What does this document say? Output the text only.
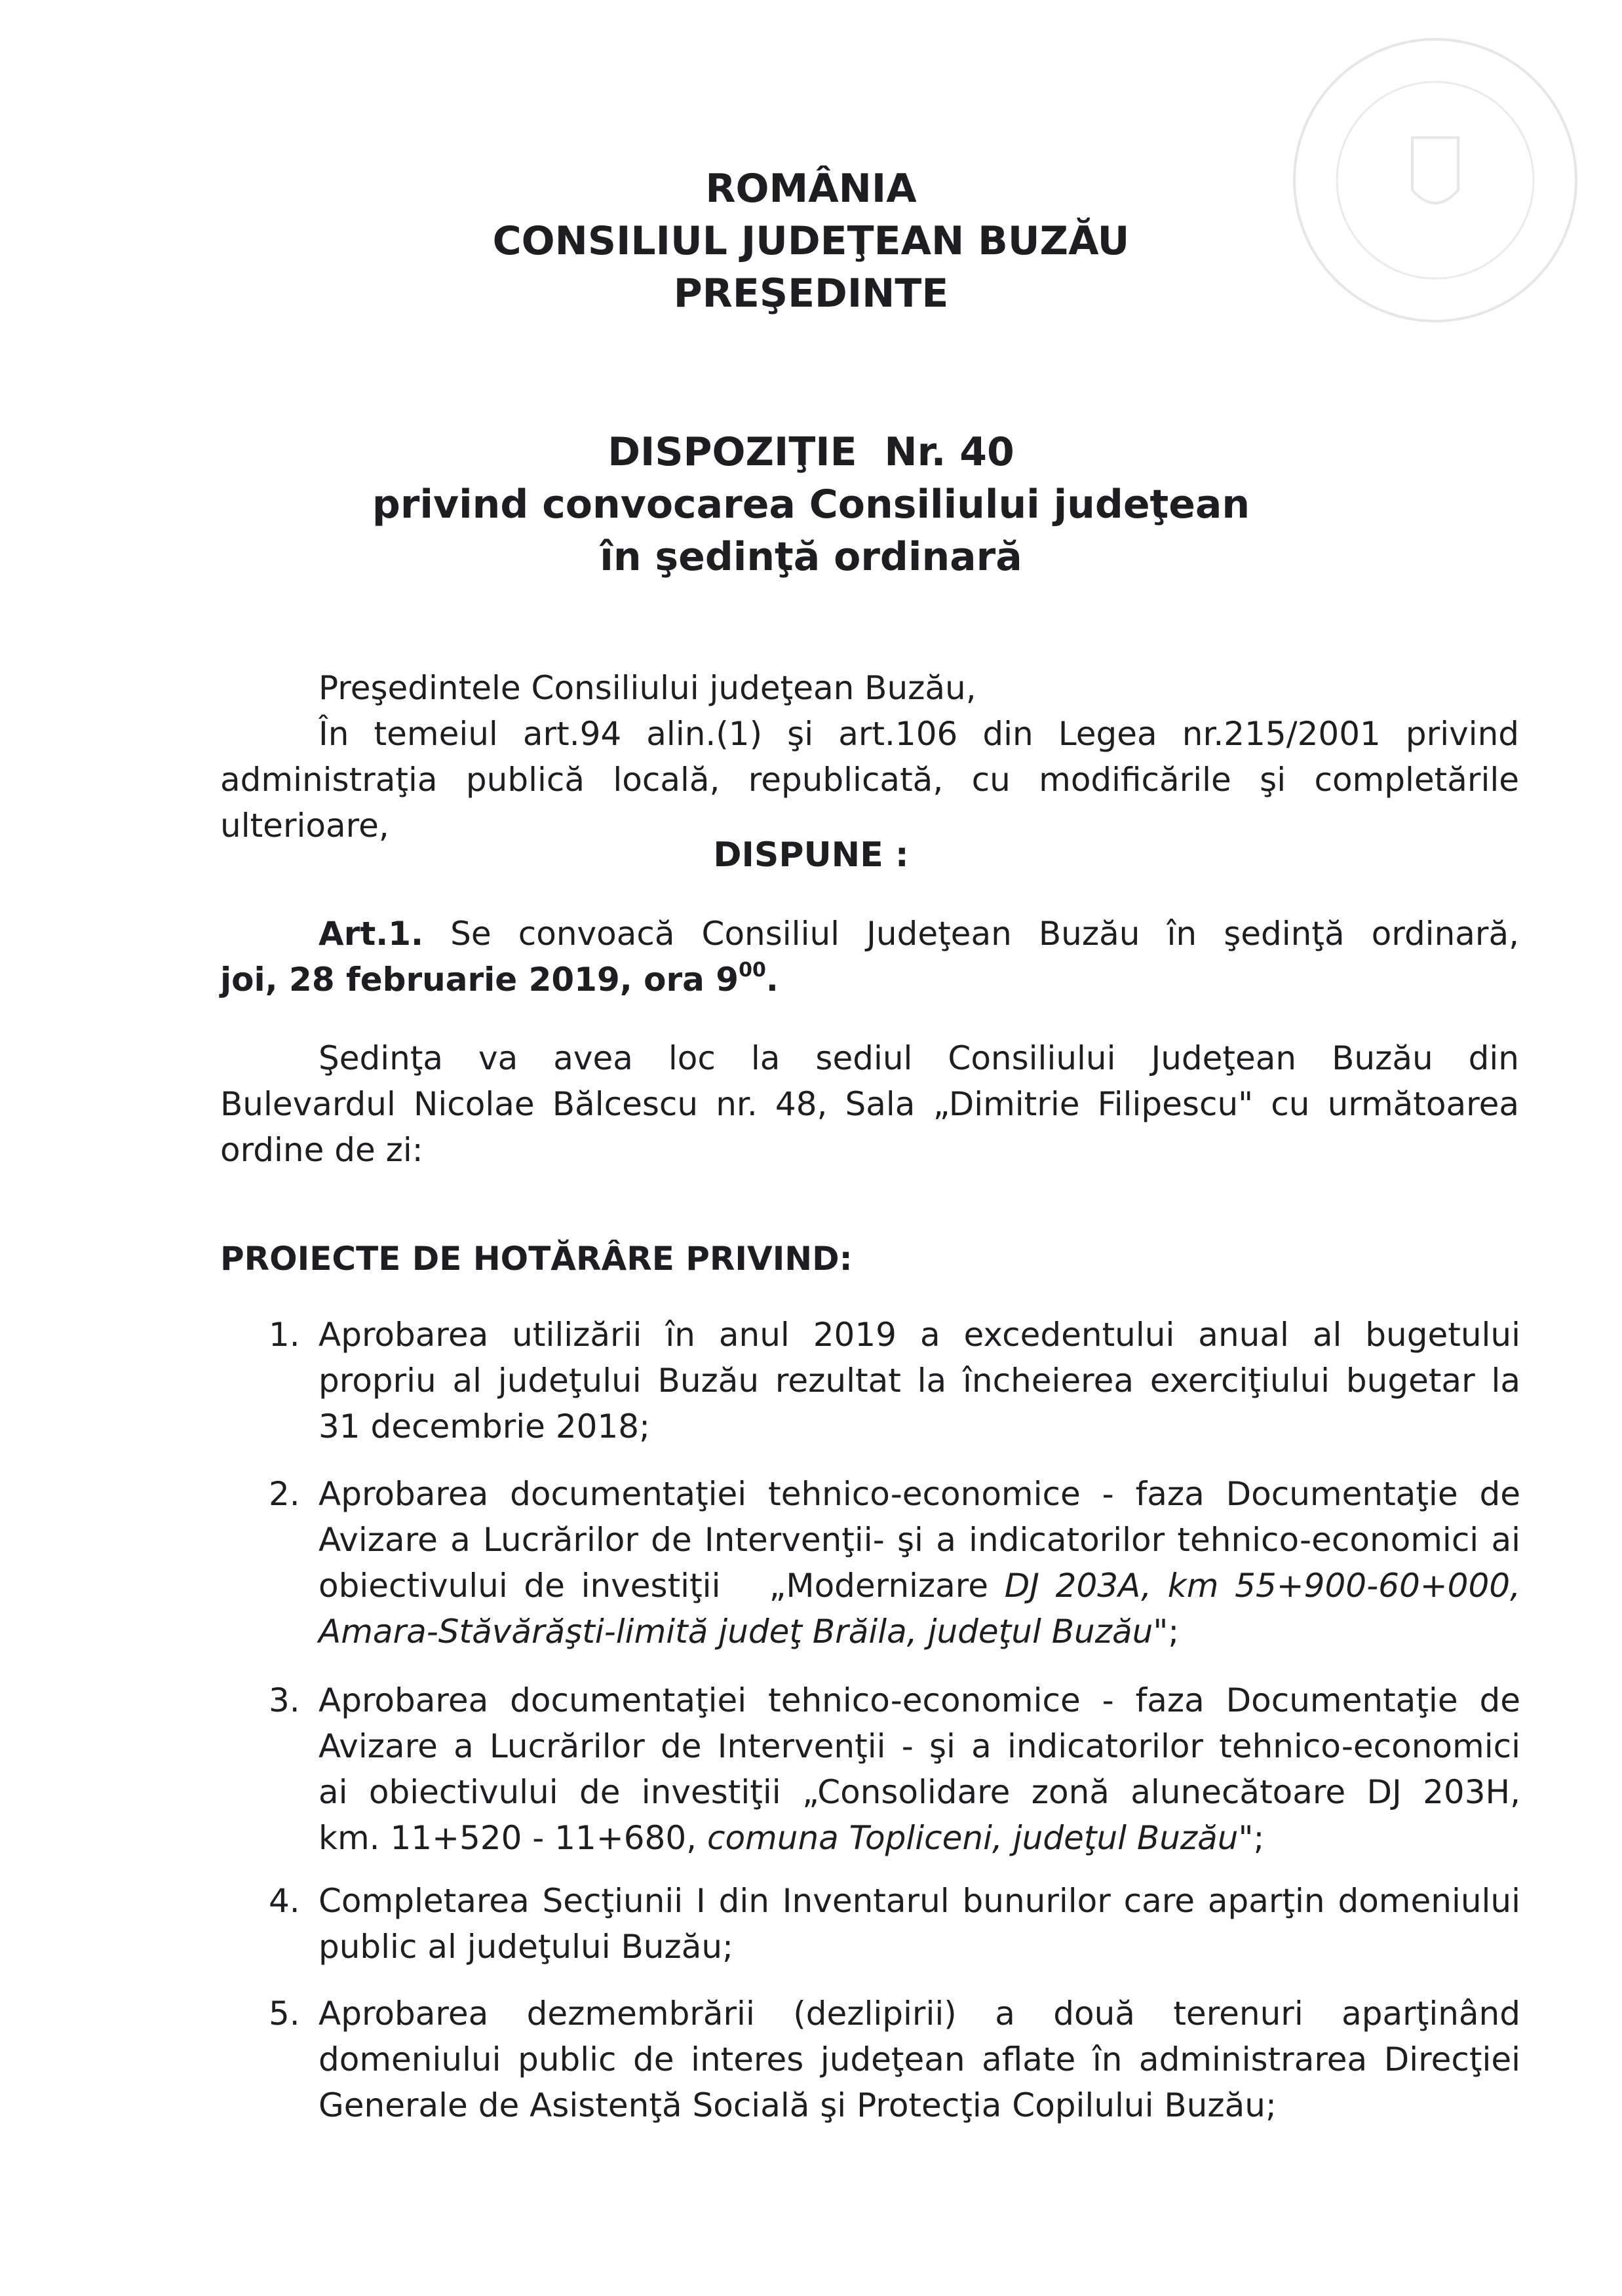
ROMÂNIA
CONSILIUL JUDEŢEAN BUZĂU
PREŞEDINTE
DISPOZIŢIE  Nr. 40
privind convocarea Consiliului judeţean
în şedinţă ordinară
Preşedintele Consiliului judeţean Buzău,
În temeiul art.94 alin.(1) şi art.106 din Legea nr.215/2001 privind
administraţia publică locală, republicată, cu modificările şi completările
ulterioare,
DISPUNE :
Art.1. Se convoacă Consiliul Judeţean Buzău în şedinţă ordinară,
joi, 28 februarie 2019, ora $9^{00}$.
Şedinţa va avea loc la sediul Consiliului Judeţean Buzău din
Bulevardul Nicolae Bălcescu nr. 48, Sala „Dimitrie Filipescu" cu următoarea
ordine de zi:
PROIECTE DE HOTĂRÂRE PRIVIND:
1. Aprobarea utilizării în anul 2019 a excedentului anual al bugetului
propriu al judeţului Buzău rezultat la încheierea exerciţiului bugetar la
31 decembrie 2018;
2. Aprobarea documentaţiei tehnico-economice - faza Documentaţie de
Avizare a Lucrărilor de Intervenţii- şi a indicatorilor tehnico-economici ai
obiectivului de investiţii   „Modernizare DJ 203A, km 55+900-60+000,
Amara-Stăvărăşti-limită judeţ Brăila, judeţul Buzău";
3. Aprobarea documentaţiei tehnico-economice - faza Documentaţie de
Avizare a Lucrărilor de Intervenţii - şi a indicatorilor tehnico-economici
ai obiectivului de investiţii „Consolidare zonă alunecătoare DJ 203H,
km. 11+520 - 11+680, comuna Topliceni, judeţul Buzău";
4. Completarea Secţiunii I din Inventarul bunurilor care aparţin domeniului
public al judeţului Buzău;
5. Aprobarea dezmembrării (dezlipirii) a două terenuri aparţinând
domeniului public de interes judeţean aflate în administrarea Direcţiei
Generale de Asistenţă Socială şi Protecţia Copilului Buzău;
